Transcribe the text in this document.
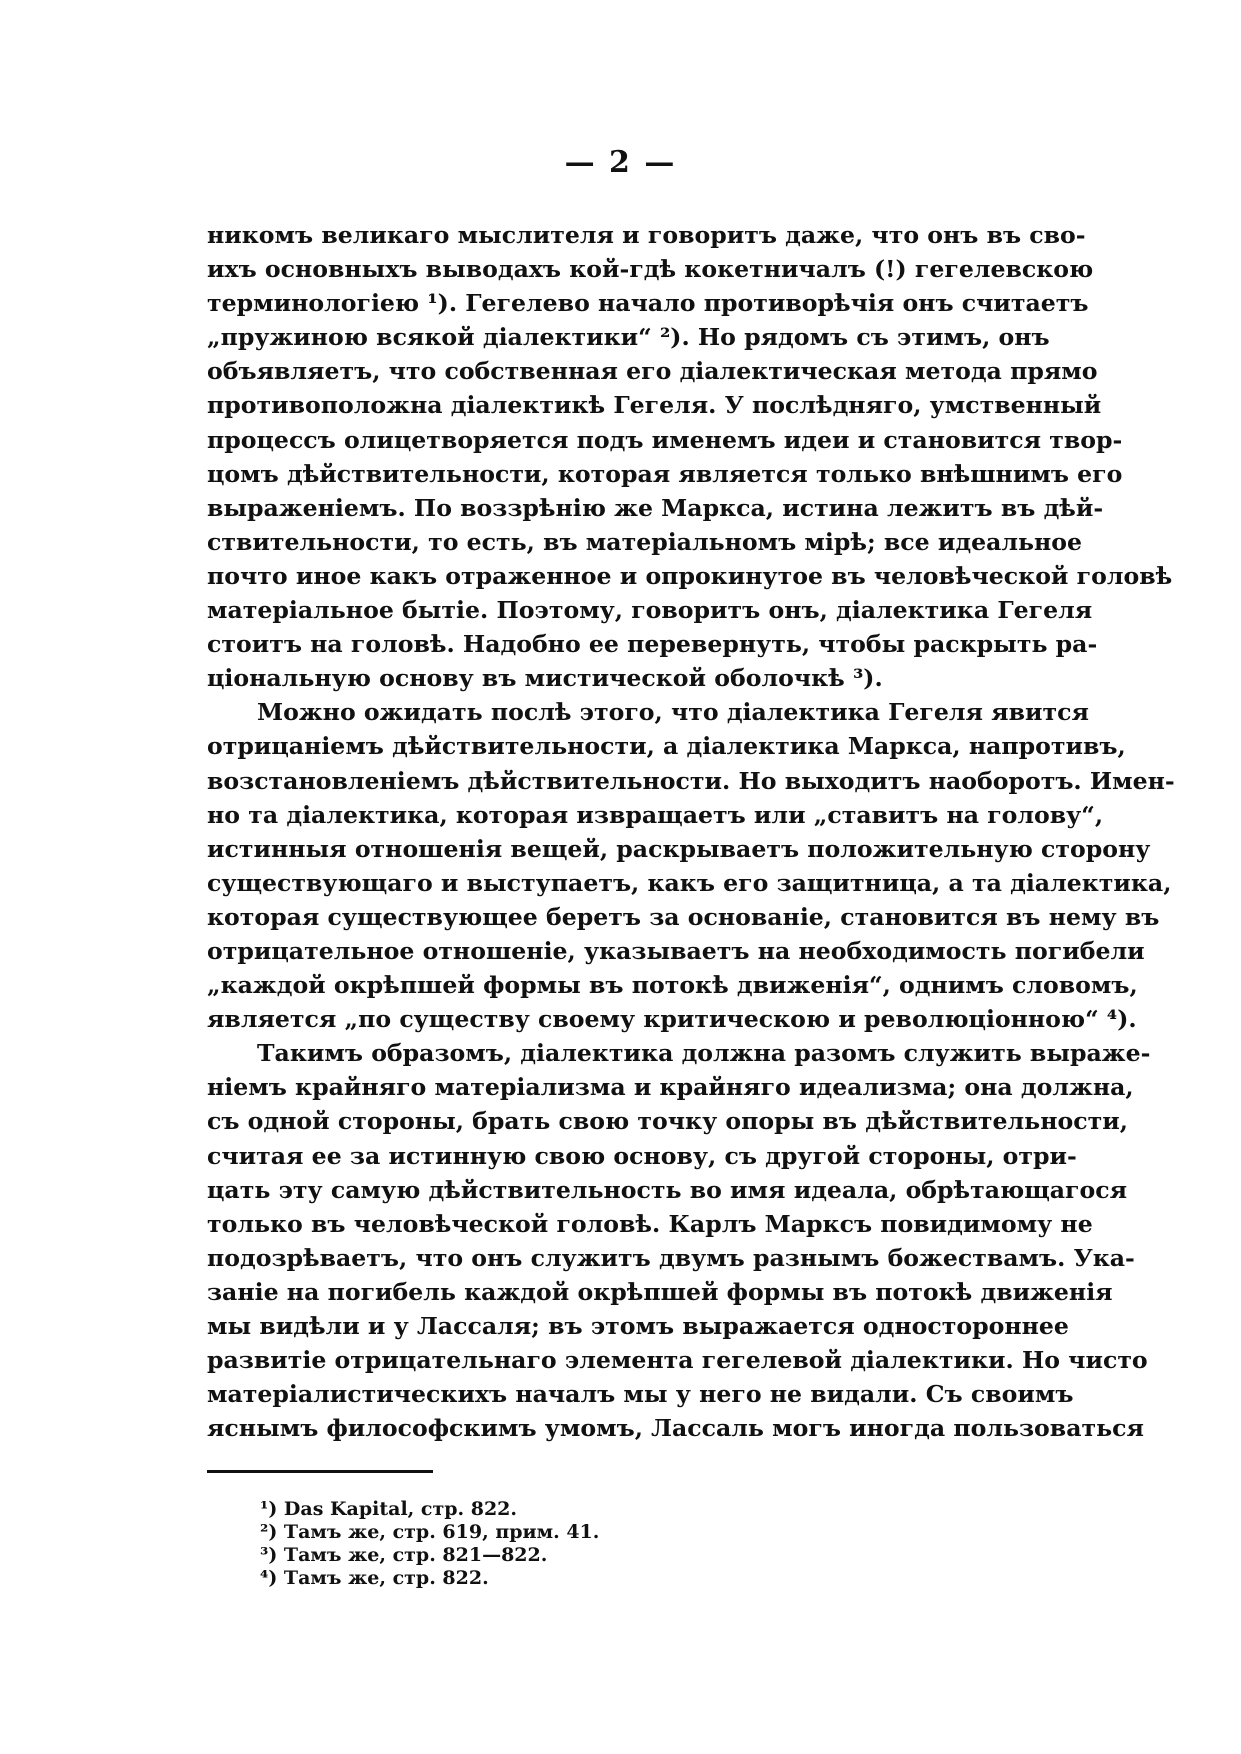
— 2 —
никомъ великаго мыслителя и говоритъ даже, что онъ въ сво-
ихъ основныхъ выводахъ кой-гдѣ кокетничалъ (!) гегелевскою
терминологіею ¹). Гегелево начало противорѣчія онъ считаетъ
„пружиною всякой діалектики“ ²). Но рядомъ съ этимъ, онъ
объявляетъ, что собственная его діалектическая метода прямо
противоположна діалектикѣ Гегеля. У послѣдняго, умственный
процессъ олицетворяется подъ именемъ идеи и становится твор-
цомъ дѣйствительности, которая является только внѣшнимъ его
выраженіемъ. По воззрѣнію же Маркса, истина лежитъ въ дѣй-
ствительности, то есть, въ матеріальномъ мірѣ; все идеальное
почто иное какъ отраженное и опрокинутое въ человѣческой головѣ
матеріальное бытіе. Поэтому, говоритъ онъ, діалектика Гегеля
стоитъ на головѣ. Надобно ее перевернуть, чтобы раскрыть ра-
ціональную основу въ мистической оболочкѣ ³).
Можно ожидать послѣ этого, что діалектика Гегеля явится
отрицаніемъ дѣйствительности, а діалектика Маркса, напротивъ,
возстановленіемъ дѣйствительности. Но выходитъ наоборотъ. Имен-
но та діалектика, которая извращаетъ или „ставитъ на голову“,
истинныя отношенія вещей, раскрываетъ положительную сторону
существующаго и выступаетъ, какъ его защитница, а та діалектика,
которая существующее беретъ за основаніе, становится въ нему въ
отрицательное отношеніе, указываетъ на необходимость погибели
„каждой окрѣпшей формы въ потокѣ движенія“, однимъ словомъ,
является „по существу своему критическою и революціонною“ ⁴).
Такимъ образомъ, діалектика должна разомъ служить выраже-
ніемъ крайняго матеріализма и крайняго идеализма; она должна,
съ одной стороны, брать свою точку опоры въ дѣйствительности,
считая ее за истинную свою основу, съ другой стороны, отри-
цать эту самую дѣйствительность во имя идеала, обрѣтающагося
только въ человѣческой головѣ. Карлъ Марксъ повидимому не
подозрѣваетъ, что онъ служитъ двумъ разнымъ божествамъ. Ука-
заніе на погибель каждой окрѣпшей формы въ потокѣ движенія
мы видѣли и у Лассаля; въ этомъ выражается одностороннее
развитіе отрицательнаго элемента гегелевой діалектики. Но чисто
матеріалистическихъ началъ мы у него не видали. Съ своимъ
яснымъ философскимъ умомъ, Лассаль могъ иногда пользоваться
¹) Das Kapital, стр. 822.
²) Тамъ же, стр. 619, прим. 41.
³) Тамъ же, стр. 821—822.
⁴) Тамъ же, стр. 822.
